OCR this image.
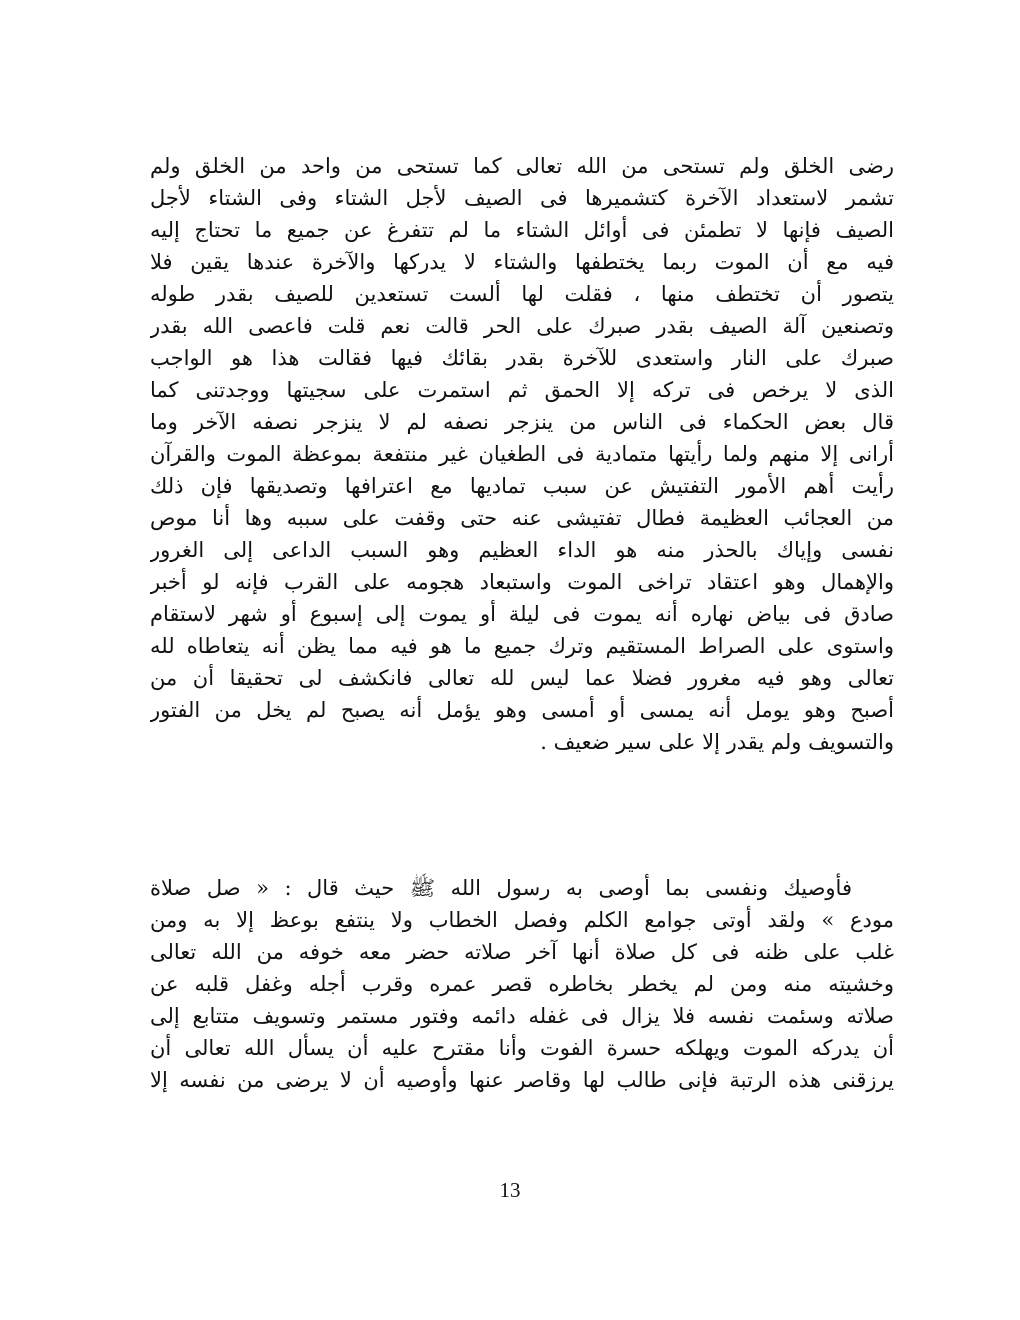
رضى الخلق ولم تستحى من الله تعالى كما تستحى من واحد من الخلق ولم
تشمر لاستعداد الآخرة كتشميرها فى الصيف لأجل الشتاء وفى الشتاء لأجل
الصيف فإنها لا تطمئن فى أوائل الشتاء ما لم تتفرغ عن جميع ما تحتاج إليه
فيه مع أن الموت ربما يختطفها والشتاء لا يدركها والآخرة عندها يقين فلا
يتصور أن تختطف منها ، فقلت لها ألست تستعدين للصيف بقدر طوله
وتصنعين آلة الصيف بقدر صبرك على الحر قالت نعم قلت فاعصى الله بقدر
صبرك على النار واستعدى للآخرة بقدر بقائك فيها فقالت هذا هو الواجب
الذى لا يرخص فى تركه إلا الحمق ثم استمرت على سجيتها ووجدتنى كما
قال بعض الحكماء فى الناس من ينزجر نصفه لم لا ينزجر نصفه الآخر وما
أرانى إلا منهم ولما رأيتها متمادية فى الطغيان غير منتفعة بموعظة الموت والقرآن
رأيت أهم الأمور التفتيش عن سبب تماديها مع اعترافها وتصديقها فإن ذلك
من العجائب العظيمة فطال تفتيشى عنه حتى وقفت على سببه وها أنا موص
نفسى وإياك بالحذر منه هو الداء العظيم وهو السبب الداعى إلى الغرور
والإهمال وهو اعتقاد تراخى الموت واستبعاد هجومه على القرب فإنه لو أخبر
صادق فى بياض نهاره أنه يموت فى ليلة أو يموت إلى إسبوع أو شهر لاستقام
واستوى على الصراط المستقيم وترك جميع ما هو فيه مما يظن أنه يتعاطاه لله
تعالى وهو فيه مغرور فضلا عما ليس لله تعالى فانكشف لى تحقيقا أن من
أصبح وهو يومل أنه يمسى أو أمسى وهو يؤمل أنه يصبح لم يخل من الفتور
والتسويف ولم يقدر إلا على سير ضعيف .
فأوصيك ونفسى بما أوصى به رسول الله ﷺ حيث قال : « صل صلاة
مودع » ولقد أوتى جوامع الكلم وفصل الخطاب ولا ينتفع بوعظ إلا به ومن
غلب على ظنه فى كل صلاة أنها آخر صلاته حضر معه خوفه من الله تعالى
وخشيته منه ومن لم يخطر بخاطره قصر عمره وقرب أجله وغفل قلبه عن
صلاته وسئمت نفسه فلا يزال فى غفله دائمه وفتور مستمر وتسويف متتابع إلى
أن يدركه الموت ويهلكه حسرة الفوت وأنا مقترح عليه أن يسأل الله تعالى أن
يرزقنى هذه الرتبة فإنى طالب لها وقاصر عنها وأوصيه أن لا يرضى من نفسه إلا
13
